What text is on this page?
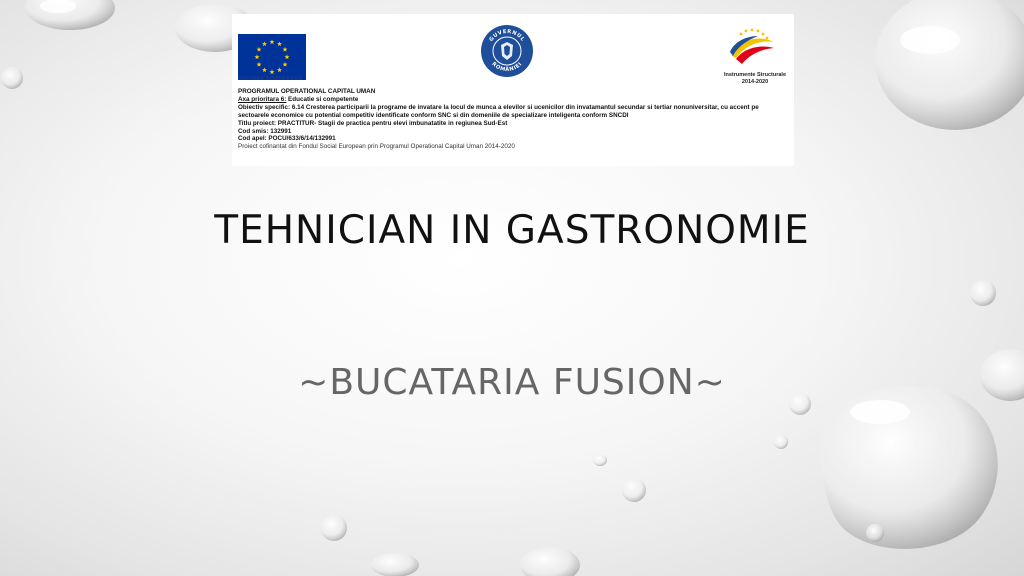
UNIUNEA EUROPEANĂ
GUVERNUL
ROMÂNIEI
Instrumente Structurale
2014-2020
PROGRAMUL OPERATIONAL CAPITAL UMAN
Axa prioritara 6: Educatie si competente
Obiectiv specific: 6.14 Cresterea participarii la programe de invatare la locul de munca a elevilor si ucenicilor din invatamantul secundar si tertiar nonuniversitar, cu accent pe
sectoarele economice cu potential competitiv identificate conform SNC si din domeniile de specializare inteligenta conform SNCDI
Titlu proiect: PRACTITUR- Stagii de practica pentru elevi imbunatatite in regiunea Sud-Est
Cod smis: 132991
Cod apel: POCU/633/6/14/132991
Proiect cofinantat din Fondul Social European prin Programul Operational Capital Uman 2014-2020
TEHNICIAN IN GASTRONOMIE
~BUCATARIA FUSION~
